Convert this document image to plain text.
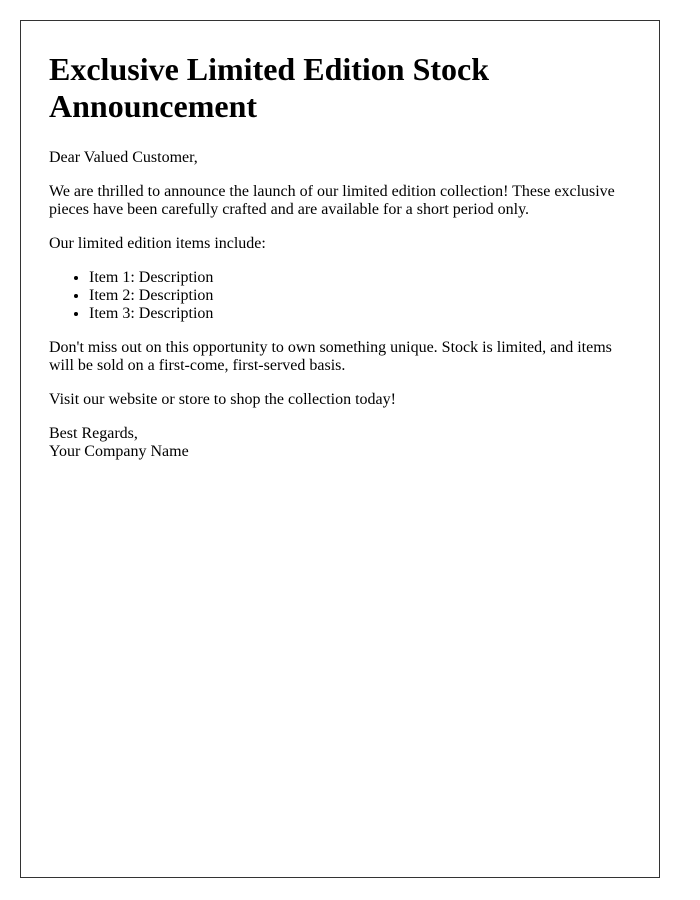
Exclusive Limited Edition Stock Announcement

Dear Valued Customer,

We are thrilled to announce the launch of our limited edition collection! These exclusive pieces have been carefully crafted and are available for a short period only.

Our limited edition items include:

• Item 1: Description
• Item 2: Description
• Item 3: Description

Don't miss out on this opportunity to own something unique. Stock is limited, and items will be sold on a first-come, first-served basis.

Visit our website or store to shop the collection today!

Best Regards,
Your Company Name
